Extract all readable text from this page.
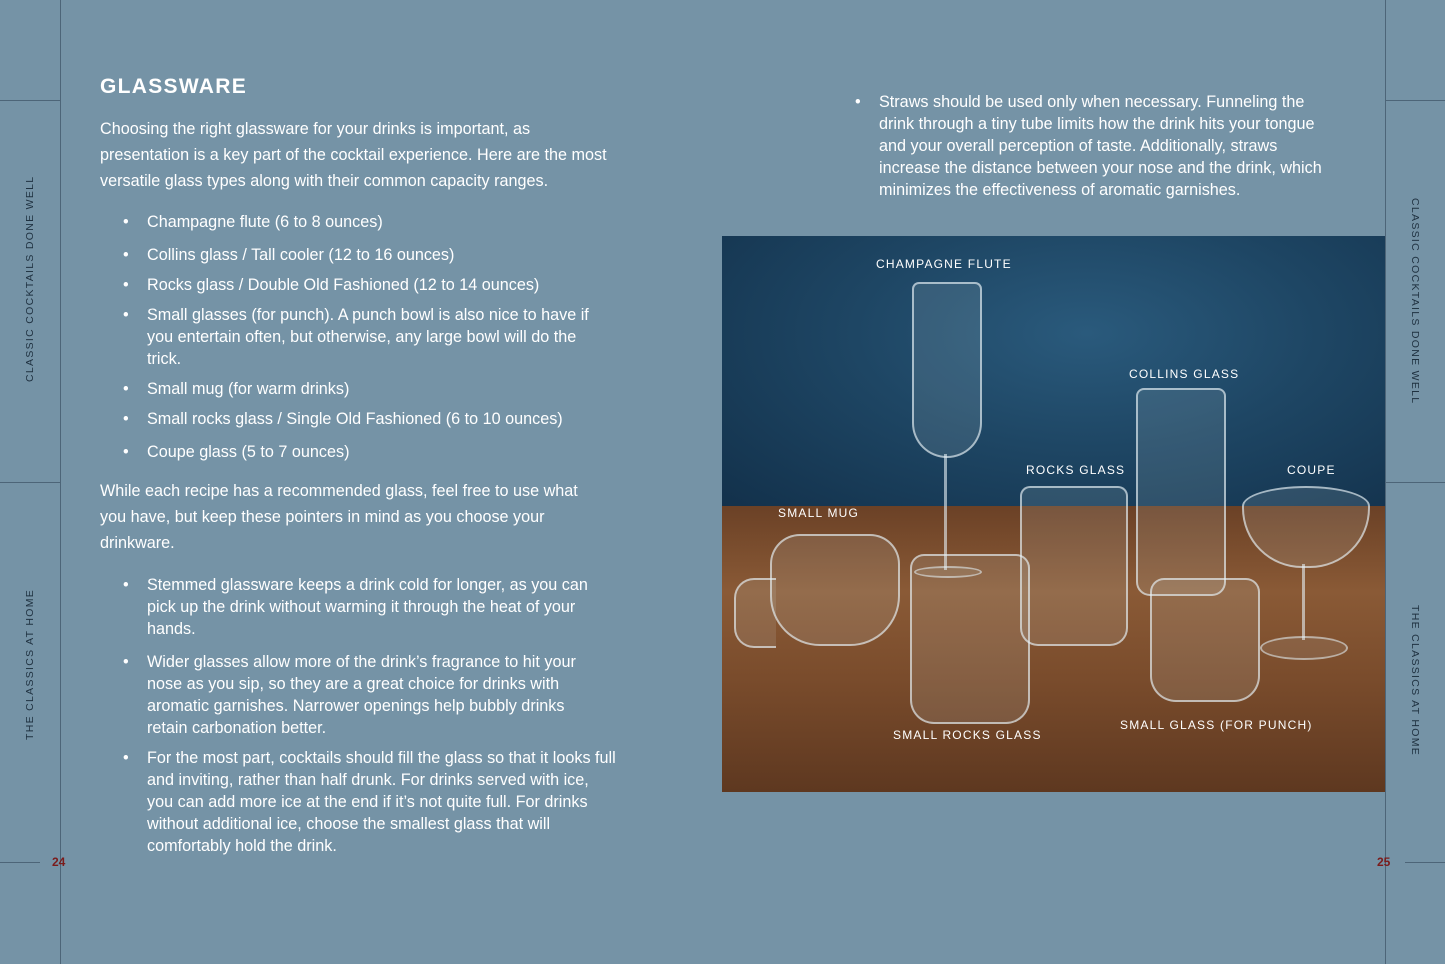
CLASSIC COCKTAILS DONE WELL
THE CLASSICS AT HOME
CLASSIC COCKTAILS DONE WELL
THE CLASSICS AT HOME
24	25
GLASSWARE

Choosing the right glassware for your drinks is important, as presentation is a key part of the cocktail experience. Here are the most versatile glass types along with their common capacity ranges.

• Champagne flute (6 to 8 ounces)
• Collins glass / Tall cooler (12 to 16 ounces)
• Rocks glass / Double Old Fashioned (12 to 14 ounces)
• Small glasses (for punch). A punch bowl is also nice to have if you entertain often, but otherwise, any large bowl will do the trick.
• Small mug (for warm drinks)
• Small rocks glass / Single Old Fashioned (6 to 10 ounces)
• Coupe glass (5 to 7 ounces)

While each recipe has a recommended glass, feel free to use what you have, but keep these pointers in mind as you choose your drinkware.

• Stemmed glassware keeps a drink cold for longer, as you can pick up the drink without warming it through the heat of your hands.
• Wider glasses allow more of the drink’s fragrance to hit your nose as you sip, so they are a great choice for drinks with aromatic garnishes. Narrower openings help bubbly drinks retain carbonation better.
• For the most part, cocktails should fill the glass so that it looks full and inviting, rather than half drunk. For drinks served with ice, you can add more ice at the end if it’s not quite full. For drinks without additional ice, choose the smallest glass that will comfortably hold the drink.
• Straws should be used only when necessary. Funneling the drink through a tiny tube limits how the drink hits your tongue and your overall perception of taste. Additionally, straws increase the distance between your nose and the drink, which minimizes the effectiveness of aromatic garnishes.
CHAMPAGNE FLUTE
COLLINS GLASS
ROCKS GLASS	COUPE
SMALL MUG
SMALL ROCKS GLASS
SMALL GLASS (FOR PUNCH)
